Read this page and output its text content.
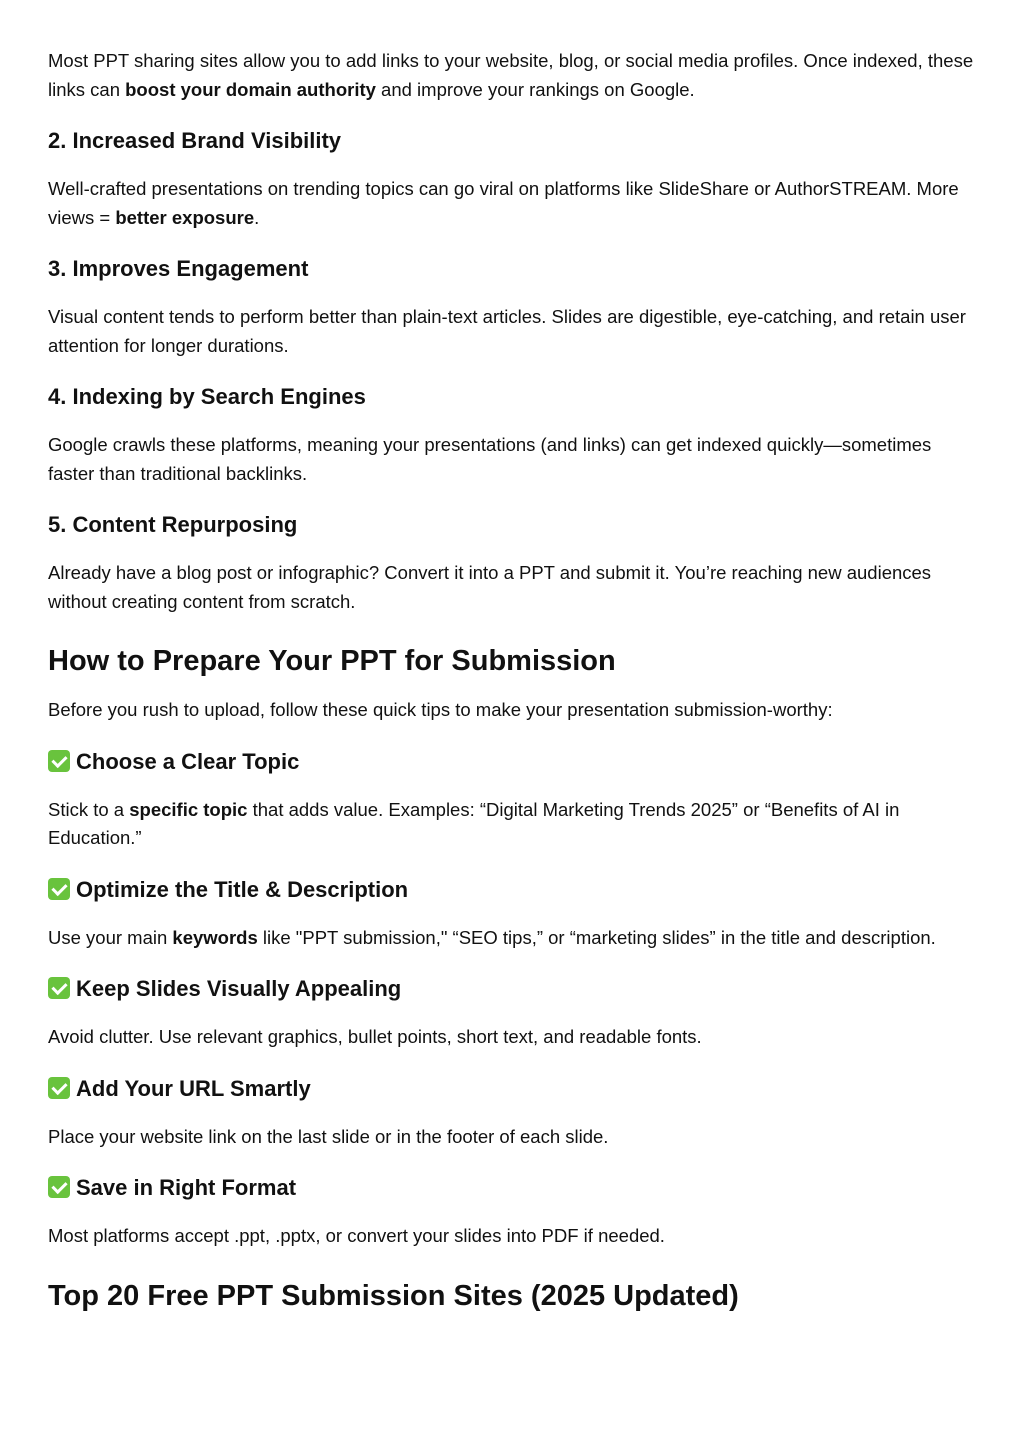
Most PPT sharing sites allow you to add links to your website, blog, or social media profiles. Once indexed, these links can boost your domain authority and improve your rankings on Google.

2. Increased Brand Visibility

Well-crafted presentations on trending topics can go viral on platforms like SlideShare or AuthorSTREAM. More views = better exposure.

3. Improves Engagement

Visual content tends to perform better than plain-text articles. Slides are digestible, eye-catching, and retain user attention for longer durations.

4. Indexing by Search Engines

Google crawls these platforms, meaning your presentations (and links) can get indexed quickly—sometimes faster than traditional backlinks.

5. Content Repurposing

Already have a blog post or infographic? Convert it into a PPT and submit it. You’re reaching new audiences without creating content from scratch.

How to Prepare Your PPT for Submission

Before you rush to upload, follow these quick tips to make your presentation submission-worthy:

Choose a Clear Topic

Stick to a specific topic that adds value. Examples: “Digital Marketing Trends 2025” or “Benefits of AI in Education.”

Optimize the Title & Description

Use your main keywords like "PPT submission," “SEO tips,” or “marketing slides” in the title and description.

Keep Slides Visually Appealing

Avoid clutter. Use relevant graphics, bullet points, short text, and readable fonts.

Add Your URL Smartly

Place your website link on the last slide or in the footer of each slide.

Save in Right Format

Most platforms accept .ppt, .pptx, or convert your slides into PDF if needed.

Top 20 Free PPT Submission Sites (2025 Updated)
